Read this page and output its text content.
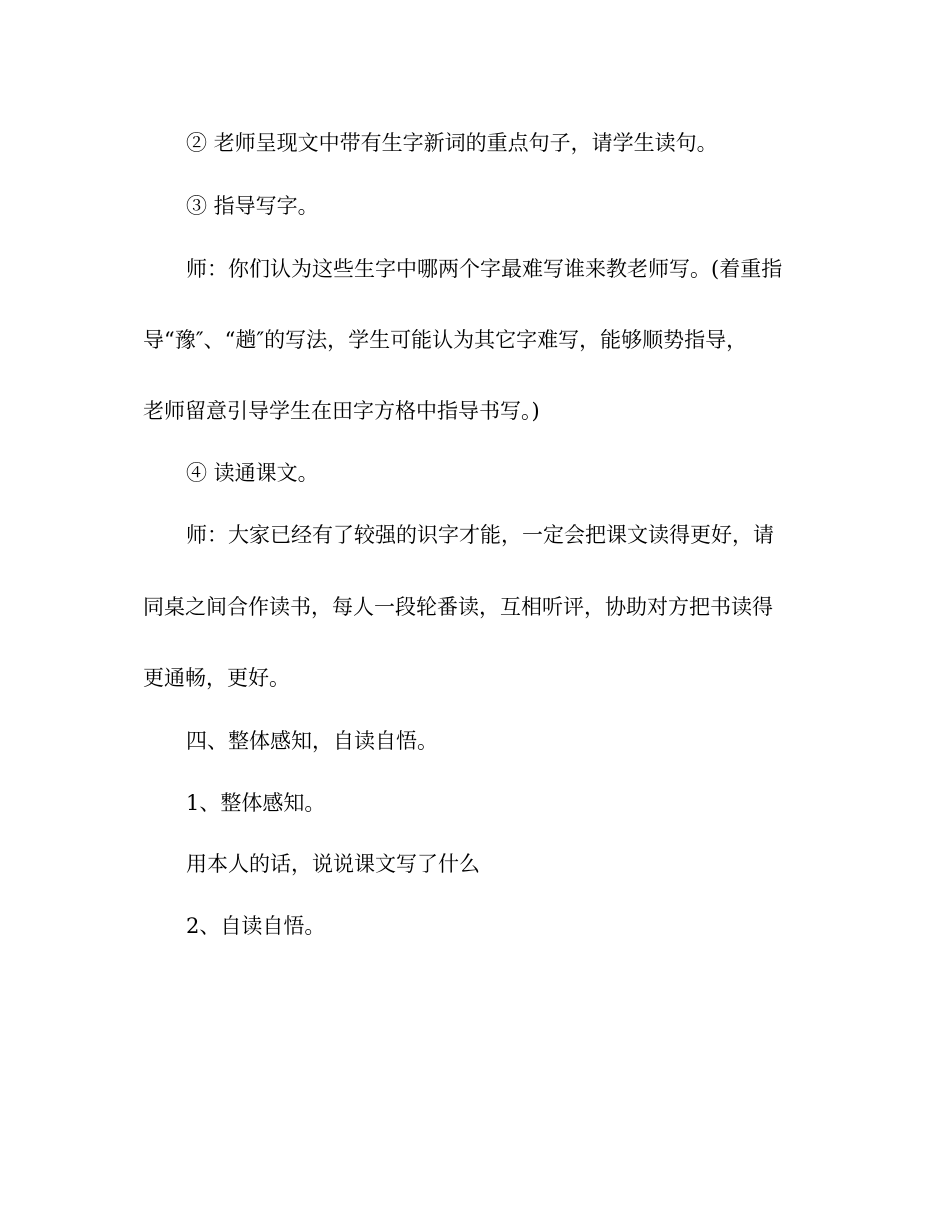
② 老师呈现文中带有生字新词的重点句子，请学生读句。
③ 指导写字。
师：你们认为这些生字中哪两个字最难写谁来教老师写。(着重指
导“豫″、“趟″的写法，学生可能认为其它字难写，能够顺势指导，
老师留意引导学生在田字方格中指导书写。)
④ 读通课文。
师：大家已经有了较强的识字才能，一定会把课文读得更好，请
同桌之间合作读书，每人一段轮番读，互相听评，协助对方把书读得
更通畅，更好。
四、整体感知，自读自悟。
1、整体感知。
用本人的话，说说课文写了什么
2、自读自悟。
